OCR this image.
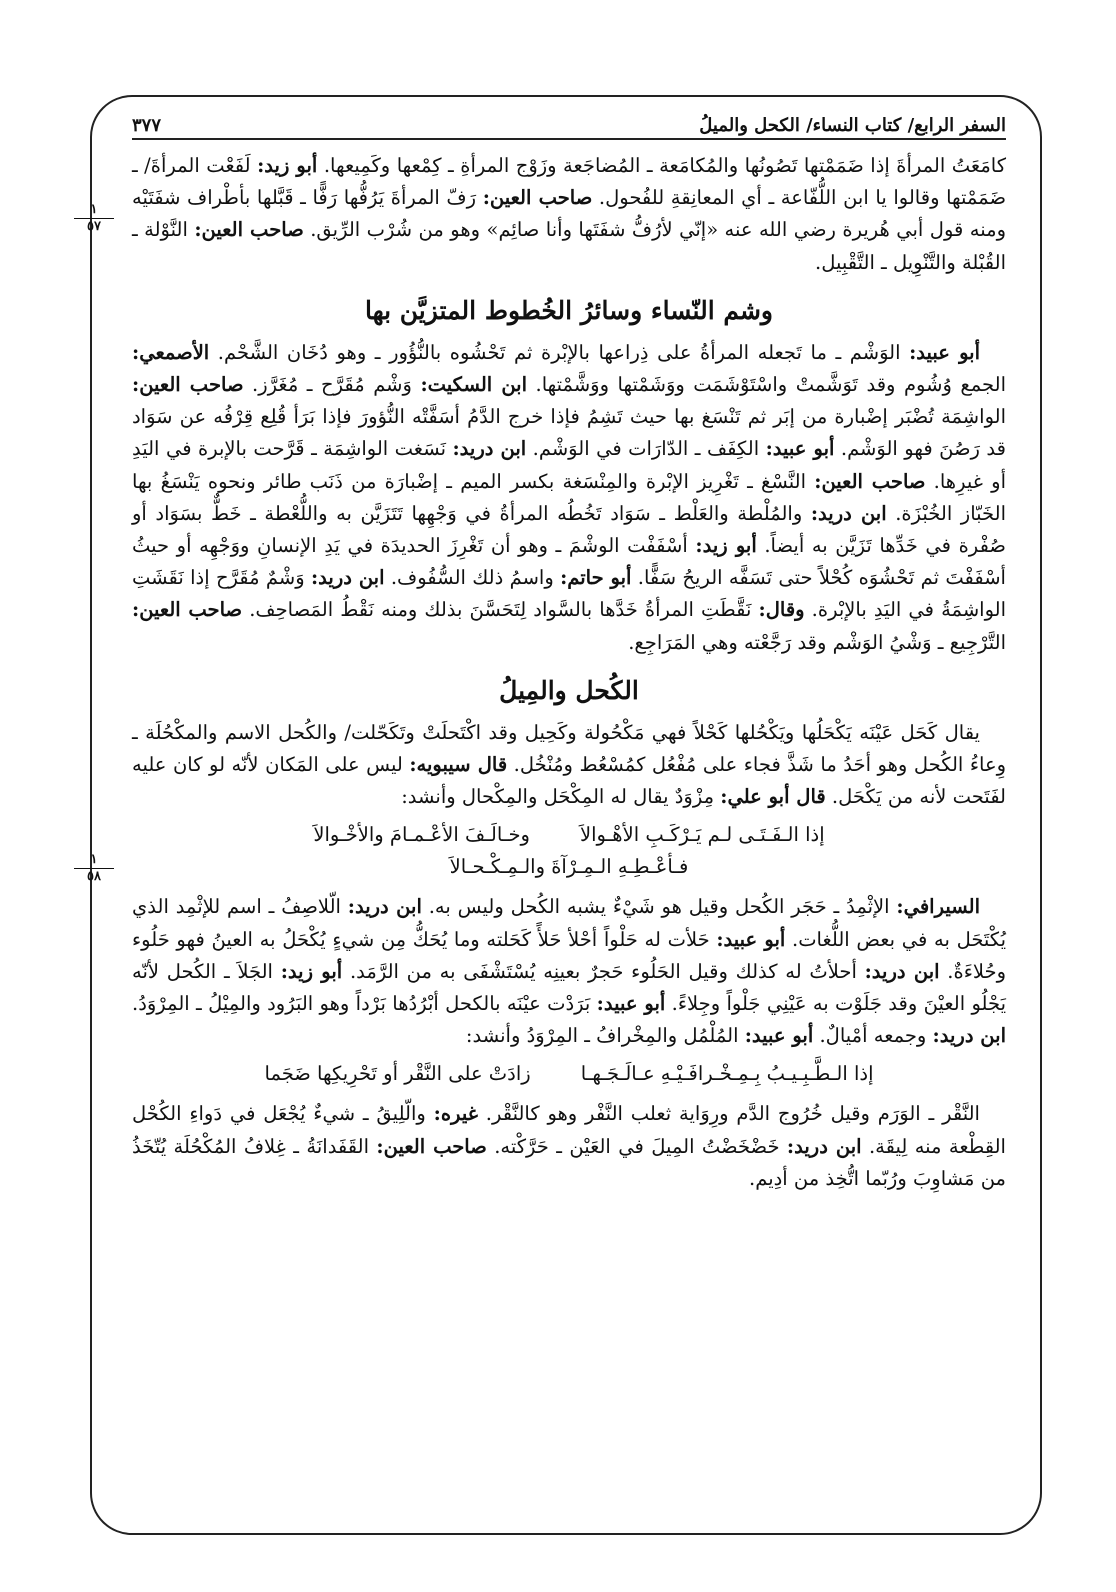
السفر الرابع/ كتاب النساء/ الكحل والميلُ
٣٧٧
١
٥٧
١
٥٨

كامَعَتُ المرأةَ إذا ضَمَمْتها تَصُونُها والمُكامَعة ـ المُضاجَعة وزَوْج المرأةِ ـ كِمْعها وكَمِيعها. أبو زيد: لَفَعْت المرأةَ/ ـ ضَمَمْتها وقالوا يا ابن اللُّفّاعة ـ أي المعانِقةِ للفُحول. صاحب العين: رَفّ المرأةَ يَرُفُّها رَفًّا ـ قَبَّلها بأطْراف شفَتَيْه ومنه قول أبي هُريرة رضي الله عنه «إنّي لأرُفُّ شفَتَها وأنا صائِم» وهو من شُرْب الرِّيق. صاحب العين: النَّوْلة ـ القُبْلة والتَّنْوِيل ـ التَّقْبِيل.

وشم النّساء وسائرُ الخُطوط المتزيَّن بها

أبو عبيد: الوَشْم ـ ما تَجعله المرأةُ على ذِراعها بالإبْرة ثم تَحْشُوه بالنُّؤُور ـ وهو دُخَان الشَّحْم. الأصمعي: الجمع وُشُوم وقد تَوَشَّمتْ واسْتَوْشَمَت ووَشَمْتها ووَشَّمْتها. ابن السكيت: وَشْم مُقَرَّح ـ مُغَرَّز. صاحب العين: الواشِمَة تُضْبَر إضْبارة من إبَر ثم تَنْسَغ بها حيث تَشِمُ فإذا خرج الدَّمُ أسَفَّتْه النُّؤورَ فإذا بَرَأ قُلِع قِرْفُه عن سَوَاد قد رَصُنَ فهو الوَشْم. أبو عبيد: الكِفَف ـ الدّارَات في الوَشْم. ابن دريد: نَسَغت الواشِمَة ـ قَرَّحت بالإبرة في اليَدِ أو غيرِها. صاحب العين: النَّسْغ ـ تَغْرِيز الإبْرة والمِنْسَغة بكسر الميم ـ إضْبارَة من ذَنَب طائر ونحوه يَنْسَغُ بها الخَبّاز الخُبْزَة. ابن دريد: والمُلْطة والعَلْط ـ سَوَاد تَخُطُه المرأةُ في وَجْهِها تَتَزَيَّن به واللُّعْطة ـ خَطٌّ بسَوَاد أو صُفْرة في خَدِّها تَزَيَّن به أيضاً. أبو زيد: أسْفَفْت الوشْمَ ـ وهو أن تَغْرِزَ الحديدَة في يَدِ الإنسانِ ووَجْهِه أو حيثُ أسْفَفْتَ ثم تَحْشُوَه كُحْلاً حتى تَسَفَّه الريحُ سَفًّا. أبو حاتم: واسمُ ذلك السُّفُوف. ابن دريد: وَشْمٌ مُقَرَّح إذا نَقَشَتِ الواشِمَةُ في اليَدِ بالإبْرة. وقال: نَقَّطَتِ المرأةُ خَدَّها بالسَّواد لِتَحَسَّنَ بذلك ومنه نَقْطُ المَصاحِف. صاحب العين: التَّرْجِيع ـ وَشْيُ الوَشْم وقد رَجَّعْته وهي المَرَاجِع.

الكُحل والمِيلُ

يقال كَحَل عَيْنَه يَكْحَلُها ويَكْحُلها كَحْلاً فهي مَكْحُولة وكَحِيل وقد اكْتَحلَتْ وتَكَحّلت/ والكُحل الاسم والمكْحُلَة ـ وِعاءُ الكُحل وهو أحَدُ ما شَذَّ فجاء على مُفْعُل كمُسْعُط ومُنْخُل. قال سيبويه: ليس على المَكان لأنّه لو كان عليه لفَتَحت لأنه من يَكْحَل. قال أبو علي: مِزْوَدٌ يقال له المِكْحَل والمِكْحال وأنشد:

إذا الـفَـتَـى لـم يَـرْكَـبِ الأهْـوالاَ
وخـالَـفَ الأعْـمـامَ والأخْـوالاَ
فـأعْـطِـهِ الـمِـرْآةَ والـمِـكْـحـالاَ

السيرافي: الإثْمِدُ ـ حَجَر الكُحل وقيل هو شَيْءٌ يشبه الكُحل وليس به. ابن دريد: الّلاصِفُ ـ اسم للإثْمِد الذي يُكْتَحَل به في بعض اللُّغات. أبو عبيد: حَلأت له حَلْواً أحْلأ حَلأً كَحَلته وما يُحَكُّ مِن شيءٍ يُكْحَلُ به العينُ فهو حَلُوء وحُلاءَةٌ. ابن دريد: أحلأتُ له كذلك وقيل الحَلُوء حَجرٌ بعينِه يُسْتَشْفَى به من الرَّمَد. أبو زيد: الجَلاَ ـ الكُحل لأنّه يَجْلُو العيْنَ وقد جَلَوْت به عَيْنِي جَلْواً وجِلاءً. أبو عبيد: بَرَدْت عيْنَه بالكحل أبْرُدُها بَرْداً وهو البَرُود والمِيْلُ ـ المِرْوَدُ. ابن دريد: وجمعه أمْيالٌ. أبو عبيد: المُلْمُل والمِخْرافُ ـ المِرْوَدُ وأنشد:

إذا الـطَّـبِـيـبُ بِـمِـخْـرافَـيْـهِ عـالَـجَـهـا
زادَتْ على النَّقْر أو تَحْرِيكِها ضَجَما

النَّقْر ـ الوَرَم وقيل خُرُوج الدَّم ورِوَاية ثعلب النَّفْر وهو كالنَّقْر. غيره: والّلِيقُ ـ شيءٌ يُجْعَل في دَواءِ الكُحْل القِطْعة منه لِيقَة. ابن دريد: خَضْخَضْتُ المِيلَ في العَيْن ـ حَرَّكْته. صاحب العين: القَفَدانَةُ ـ غِلافُ المُكْحُلَة يُتّخَذُ من مَشاوِبَ ورُبّما اتُّخِذ من أدِيم.
